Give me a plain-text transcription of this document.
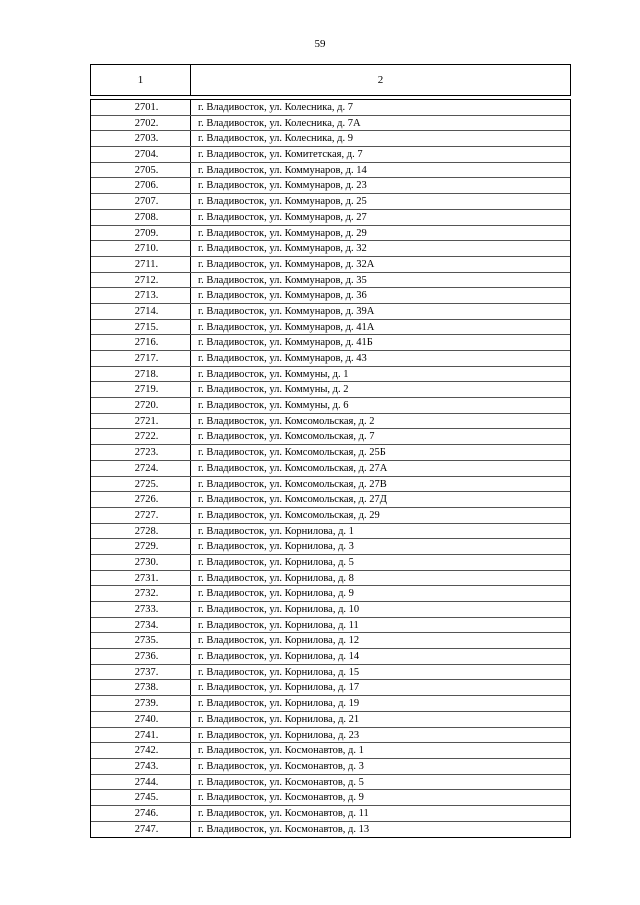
59
1	2
2701.	г. Владивосток, ул. Колесника, д. 7
2702.	г. Владивосток, ул. Колесника, д. 7А
2703.	г. Владивосток, ул. Колесника, д. 9
2704.	г. Владивосток, ул. Комитетская, д. 7
2705.	г. Владивосток, ул. Коммунаров, д. 14
2706.	г. Владивосток, ул. Коммунаров, д. 23
2707.	г. Владивосток, ул. Коммунаров, д. 25
2708.	г. Владивосток, ул. Коммунаров, д. 27
2709.	г. Владивосток, ул. Коммунаров, д. 29
2710.	г. Владивосток, ул. Коммунаров, д. 32
2711.	г. Владивосток, ул. Коммунаров, д. 32А
2712.	г. Владивосток, ул. Коммунаров, д. 35
2713.	г. Владивосток, ул. Коммунаров, д. 36
2714.	г. Владивосток, ул. Коммунаров, д. 39А
2715.	г. Владивосток, ул. Коммунаров, д. 41А
2716.	г. Владивосток, ул. Коммунаров, д. 41Б
2717.	г. Владивосток, ул. Коммунаров, д. 43
2718.	г. Владивосток, ул. Коммуны, д. 1
2719.	г. Владивосток, ул. Коммуны, д. 2
2720.	г. Владивосток, ул. Коммуны, д. 6
2721.	г. Владивосток, ул. Комсомольская, д. 2
2722.	г. Владивосток, ул. Комсомольская, д. 7
2723.	г. Владивосток, ул. Комсомольская, д. 25Б
2724.	г. Владивосток, ул. Комсомольская, д. 27А
2725.	г. Владивосток, ул. Комсомольская, д. 27В
2726.	г. Владивосток, ул. Комсомольская, д. 27Д
2727.	г. Владивосток, ул. Комсомольская, д. 29
2728.	г. Владивосток, ул. Корнилова, д. 1
2729.	г. Владивосток, ул. Корнилова, д. 3
2730.	г. Владивосток, ул. Корнилова, д. 5
2731.	г. Владивосток, ул. Корнилова, д. 8
2732.	г. Владивосток, ул. Корнилова, д. 9
2733.	г. Владивосток, ул. Корнилова, д. 10
2734.	г. Владивосток, ул. Корнилова, д. 11
2735.	г. Владивосток, ул. Корнилова, д. 12
2736.	г. Владивосток, ул. Корнилова, д. 14
2737.	г. Владивосток, ул. Корнилова, д. 15
2738.	г. Владивосток, ул. Корнилова, д. 17
2739.	г. Владивосток, ул. Корнилова, д. 19
2740.	г. Владивосток, ул. Корнилова, д. 21
2741.	г. Владивосток, ул. Корнилова, д. 23
2742.	г. Владивосток, ул. Космонавтов, д. 1
2743.	г. Владивосток, ул. Космонавтов, д. 3
2744.	г. Владивосток, ул. Космонавтов, д. 5
2745.	г. Владивосток, ул. Космонавтов, д. 9
2746.	г. Владивосток, ул. Космонавтов, д. 11
2747.	г. Владивосток, ул. Космонавтов, д. 13
